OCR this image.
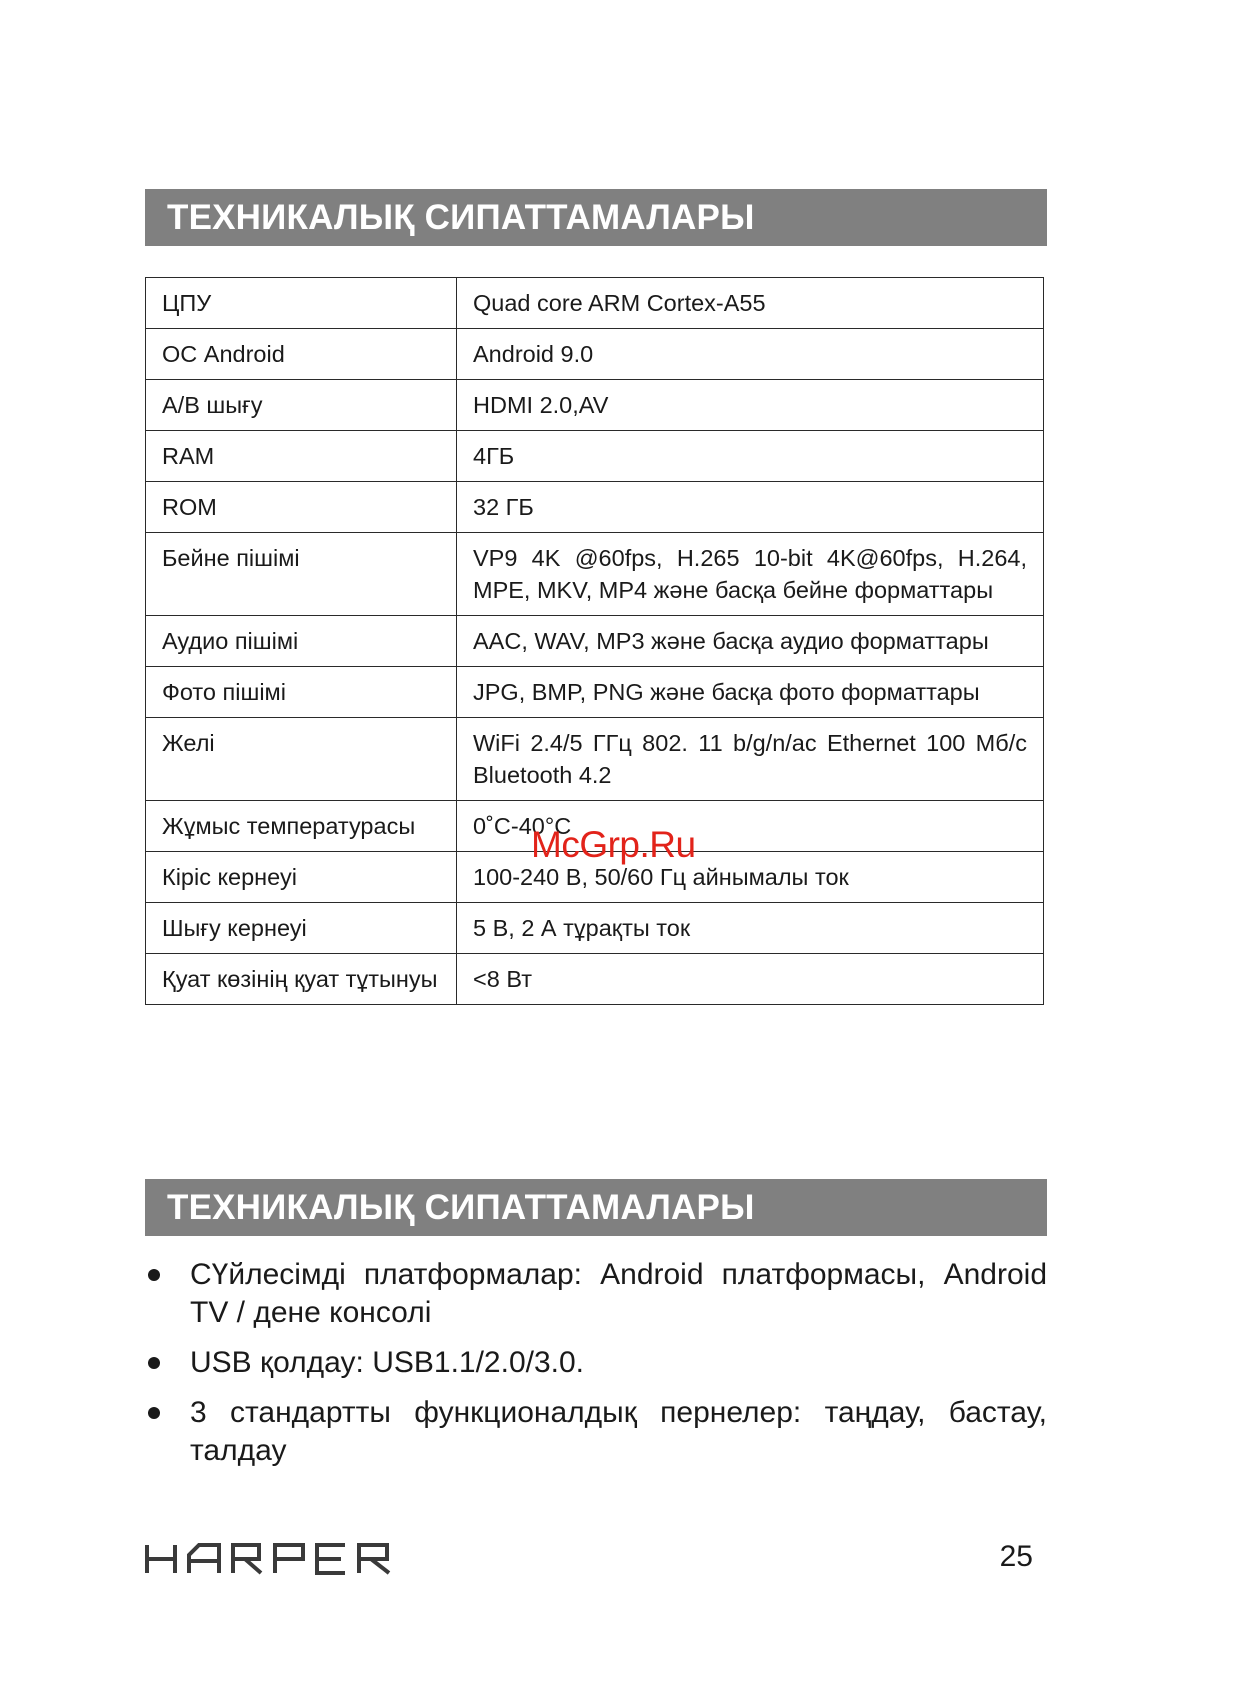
ТЕХНИКАЛЫҚ СИПАТТАМАЛАРЫ
ЦПУ	Quad core ARM Cortex-A55
ОС Android	Android 9.0
A/B шығу	HDMI 2.0,AV
RAM	4ГБ
ROM	32 ГБ
Бейне пішімі	VP9 4K @60fps, H.265 10-bit 4K@60fps, H.264, MPE, MKV, MP4 және басқа бейне форматтары
Аудио пішімі	AAC, WAV, MP3 және басқа аудио форматтары
Фото пішімі	JPG, BMP, PNG және басқа фото форматтары
Желі	WiFi 2.4/5 ГГц 802. 11 b/g/n/ac Ethernet 100 Мб/с Bluetooth 4.2
Жұмыс температурасы	0˚С-40°С
Кіріс кернеуі	100-240 В, 50/60 Гц айнымалы ток
Шығу кернеуі	5 В, 2 А тұрақты ток
Қуат көзінің қуат тұтынуы	<8 Вт
McGrp.Ru
ТЕХНИКАЛЫҚ СИПАТТАМАЛАРЫ
СҮйлесімді платформалар: Android платформасы, Android TV / дене консолі
USB қолдау: USB1.1/2.0/3.0.
3 стандартты функционалдық пернелер: таңдау, бастау, талдау
25
